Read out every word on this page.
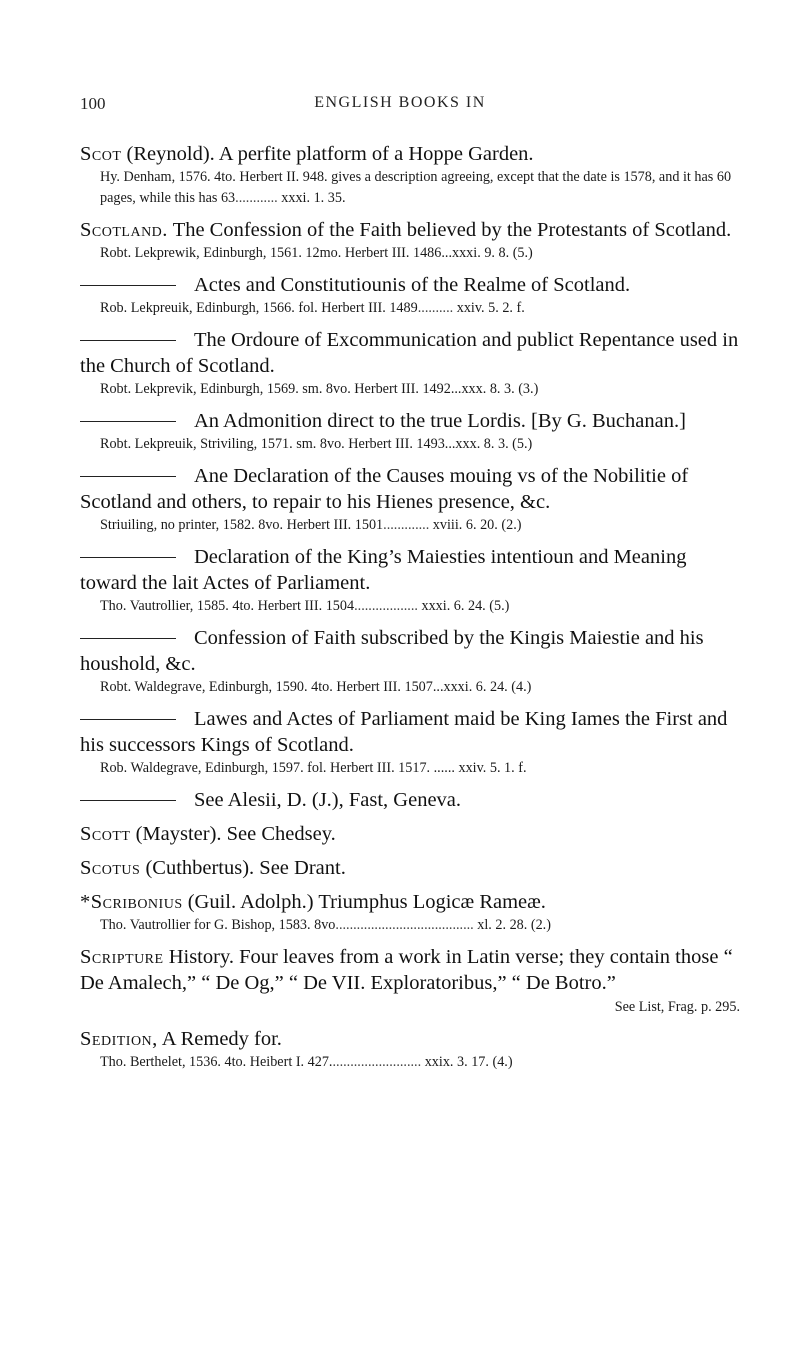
100	ENGLISH BOOKS IN
Scot (Reynold). A perfite platform of a Hoppe Garden.
Hy. Denham, 1576. 4to. Herbert II. 948. gives a description agreeing, except that the date is 1578, and it has 60 pages, while this has 63............ xxxi. 1. 35.
Scotland. The Confession of the Faith believed by the Protestants of Scotland.
Robt. Lekprewik, Edinburgh, 1561. 12mo. Herbert III. 1486...xxxi. 9. 8. (5.)
Actes and Constitutiounis of the Realme of Scotland.
Rob. Lekpreuik, Edinburgh, 1566. fol. Herbert III. 1489.......... xxiv. 5. 2. f.
The Ordoure of Excommunication and publict Repentance used in the Church of Scotland.
Robt. Lekprevik, Edinburgh, 1569. sm. 8vo. Herbert III. 1492...xxx. 8. 3. (3.)
An Admonition direct to the true Lordis. [By G. Buchanan.]
Robt. Lekpreuik, Striviling, 1571. sm. 8vo. Herbert III. 1493...xxx. 8. 3. (5.)
Ane Declaration of the Causes mouing vs of the Nobilitie of Scotland and others, to repair to his Hienes presence, &c.
Striuiling, no printer, 1582. 8vo. Herbert III. 1501............. xviii. 6. 20. (2.)
Declaration of the King’s Maiesties intentioun and Meaning toward the lait Actes of Parliament.
Tho. Vautrollier, 1585. 4to. Herbert III. 1504.................. xxxi. 6. 24. (5.)
Confession of Faith subscribed by the Kingis Maiestie and his houshold, &c.
Robt. Waldegrave, Edinburgh, 1590. 4to. Herbert III. 1507...xxxi. 6. 24. (4.)
Lawes and Actes of Parliament maid be King Iames the First and his successors Kings of Scotland.
Rob. Waldegrave, Edinburgh, 1597. fol. Herbert III. 1517. ...... xxiv. 5. 1. f.
See Alesii, D. (J.), Fast, Geneva.
Scott (Mayster). See Chedsey.
Scotus (Cuthbertus). See Drant.
*Scribonius (Guil. Adolph.) Triumphus Logicæ Rameæ.
Tho. Vautrollier for G. Bishop, 1583. 8vo....................................... xl. 2. 28. (2.)
Scripture History. Four leaves from a work in Latin verse; they contain those “ De Amalech,” “ De Og,” “ De VII. Exploratoribus,” “ De Botro.”
See List, Frag. p. 295.
Sedition, A Remedy for.
Tho. Berthelet, 1536. 4to. Heibert I. 427.......................... xxix. 3. 17. (4.)
